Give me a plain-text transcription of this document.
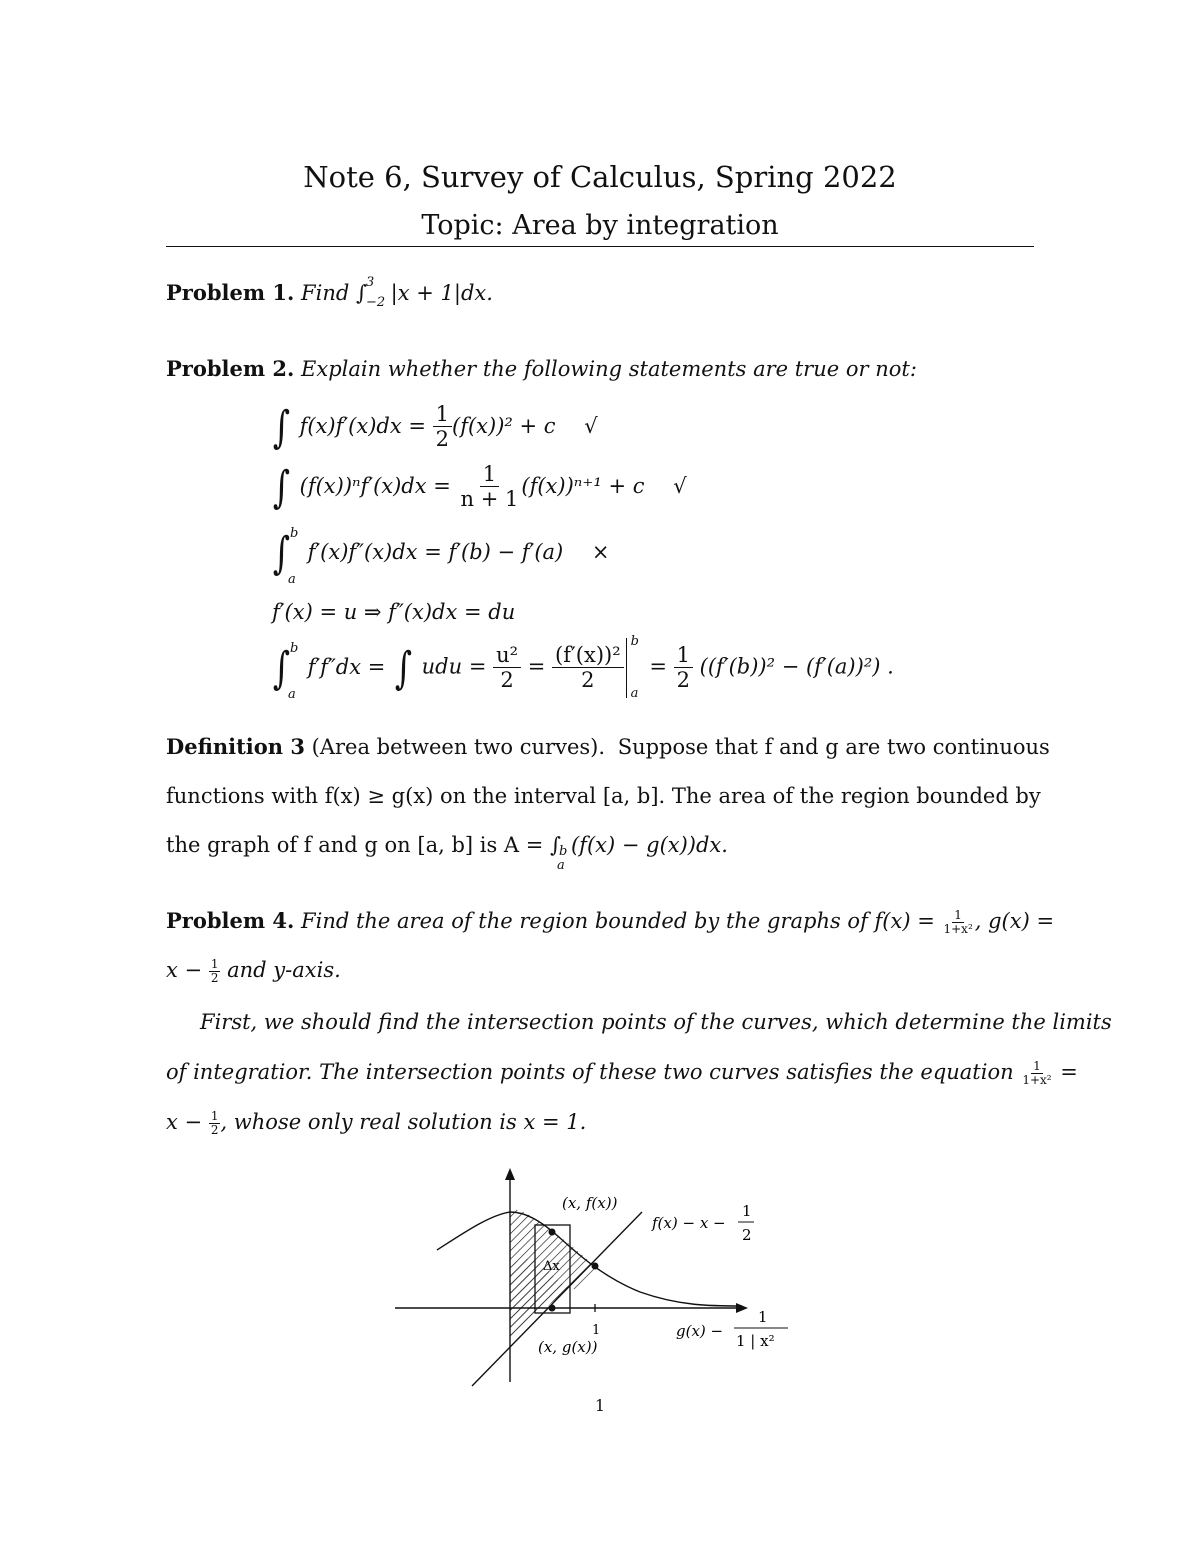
Note 6, Survey of Calculus, Spring 2022
Topic: Area by integration
Problem 1. Find ∫ 3
−2 |x + 1|dx.
Problem 2. Explain whether the following statements are true or not:
∫ $f(x)f'(x)dx = \frac{1}{2} (f(x))^2 + c$ √
∫ $(f(x))^nf'(x)dx = \frac{1}{n + 1} (f(x))^{n+1} + c$ √
∫ b
a
f′(x)f″(x)dx = f′(b) − f′(a) ×
f′(x) = u ⇒ f″(x)dx = du
∫ b
a
f′f″dx = ∫ udu = $\frac{\text{u²}}{2} = \frac{\text{(f′(x))²}}{2}$
b
a
= $\frac{1}{2} ((f'(b))^2 - (f'(a))^2)$ .
Definition 3 (Area between two curves). Suppose that f and g are two continuous
functions with f(x) ≥ g(x) on the interval [a, b]. The area of the region bounded by
the graph of f and g on [a, b] is A = ∫
b
a
(f(x) − g(x))dx.
Problem 4. Find the area of the region bounded by the graphs of $f(x) = \frac{1}{\text{1+x²}}$ , g(x) =
$x - \frac{1}{2}$ and y-axis.
First, we should find the intersection points of the curves, which determine the limits
of integratior. The intersection points of these two curves satisfies the equation $\frac{1}{\text{1+x²}}$ =
$x - \frac{1}{2}$ , whose only real solution is x = 1.
1
Δx
(x, f(x))
(x, g(x))
f(x) − x −
1
2
g(x) −
1
1 | x²
1
